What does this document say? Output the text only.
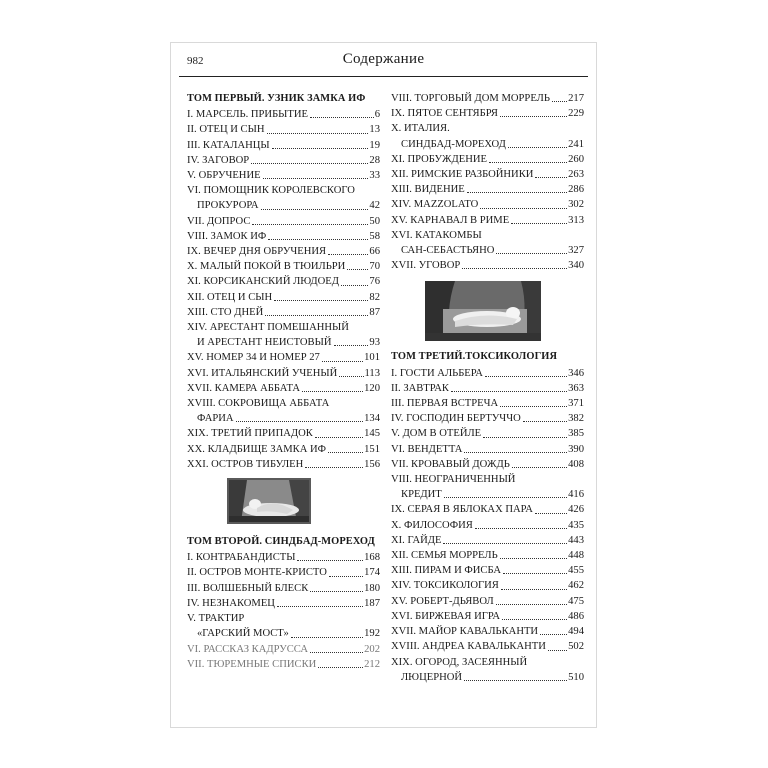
982	Содержание
ТОМ ПЕРВЫЙ. УЗНИК ЗАМКА ИФ
I. МАРСЕЛЬ. ПРИБЫТИЕ	6
II. ОТЕЦ И СЫН	13
III. КАТАЛАНЦЫ	19
IV. ЗАГОВОР	28
V. ОБРУЧЕНИЕ	33
VI. ПОМОЩНИК КОРОЛЕВСКОГО
ПРОКУРОРА	42
VII. ДОПРОС	50
VIII. ЗАМОК ИФ	58
IX. ВЕЧЕР ДНЯ ОБРУЧЕНИЯ	66
X. МАЛЫЙ ПОКОЙ В ТЮИЛЬРИ 70
XI. КОРСИКАНСКИЙ ЛЮДОЕД	76
XII. ОТЕЦ И СЫН	82
XIII. СТО ДНЕЙ	87
XIV. АРЕСТАНТ ПОМЕШАННЫЙ
И АРЕСТАНТ НЕИСТОВЫЙ	93
XV. НОМЕР 34 И НОМЕР 27	101
XVI. ИТАЛЬЯНСКИЙ УЧЕНЫЙ	113
XVII. КАМЕРА АББАТА	120
XVIII. СОКРОВИЩА АББАТА
ФАРИА	134
XIX. ТРЕТИЙ ПРИПАДОК	145
XX. КЛАДБИЩЕ ЗАМКА ИФ	151
XXI. ОСТРОВ ТИБУЛЕН	156
ТОМ ВТОРОЙ. СИНДБАД-МОРЕХОД
I. КОНТРАБАНДИСТЫ	168
II. ОСТРОВ МОНТЕ-КРИСТО	174
III. ВОЛШЕБНЫЙ БЛЕСК	180
IV. НЕЗНАКОМЕЦ	187
V. ТРАКТИР
«ГАРСКИЙ МОСТ»	192
VI. РАССКАЗ КАДРУССА	202
VII. ТЮРЕМНЫЕ СПИСКИ	212
VIII. ТОРГОВЫЙ ДОМ МОРРЕЛЬ 217
IX. ПЯТОЕ СЕНТЯБРЯ	229
X. ИТАЛИЯ.
СИНДБАД-МОРЕХОД	241
XI. ПРОБУЖДЕНИЕ	260
XII. РИМСКИЕ РАЗБОЙНИКИ	263
XIII. ВИДЕНИЕ	286
XIV. MAZZOLATO	302
XV. КАРНАВАЛ В РИМЕ	313
XVI. КАТАКОМБЫ
САН-СЕБАСТЬЯНО	327
XVII. УГОВОР	340
ТОМ ТРЕТИЙ.ТОКСИКОЛОГИЯ
I. ГОСТИ АЛЬБЕРА	346
II. ЗАВТРАК	363
III. ПЕРВАЯ ВСТРЕЧА	371
IV. ГОСПОДИН БЕРТУЧЧО	382
V. ДОМ В ОТЕЙЛЕ	385
VI. ВЕНДЕТТА	390
VII. КРОВАВЫЙ ДОЖДЬ	408
VIII. НЕОГРАНИЧЕННЫЙ
КРЕДИТ	416
IX. СЕРАЯ В ЯБЛОКАХ ПАРА	426
X. ФИЛОСОФИЯ	435
XI. ГАЙДЕ	443
XII. СЕМЬЯ МОРРЕЛЬ	448
XIII. ПИРАМ И ФИСБА	455
XIV. ТОКСИКОЛОГИЯ	462
XV. РОБЕРТ-ДЬЯВОЛ	475
XVI. БИРЖЕВАЯ ИГРА	486
XVII. МАЙОР КАВАЛЬКАНТИ	494
XVIII. АНДРЕА КАВАЛЬКАНТИ 502
XIX. ОГОРОД, ЗАСЕЯННЫЙ
ЛЮЦЕРНОЙ	510
